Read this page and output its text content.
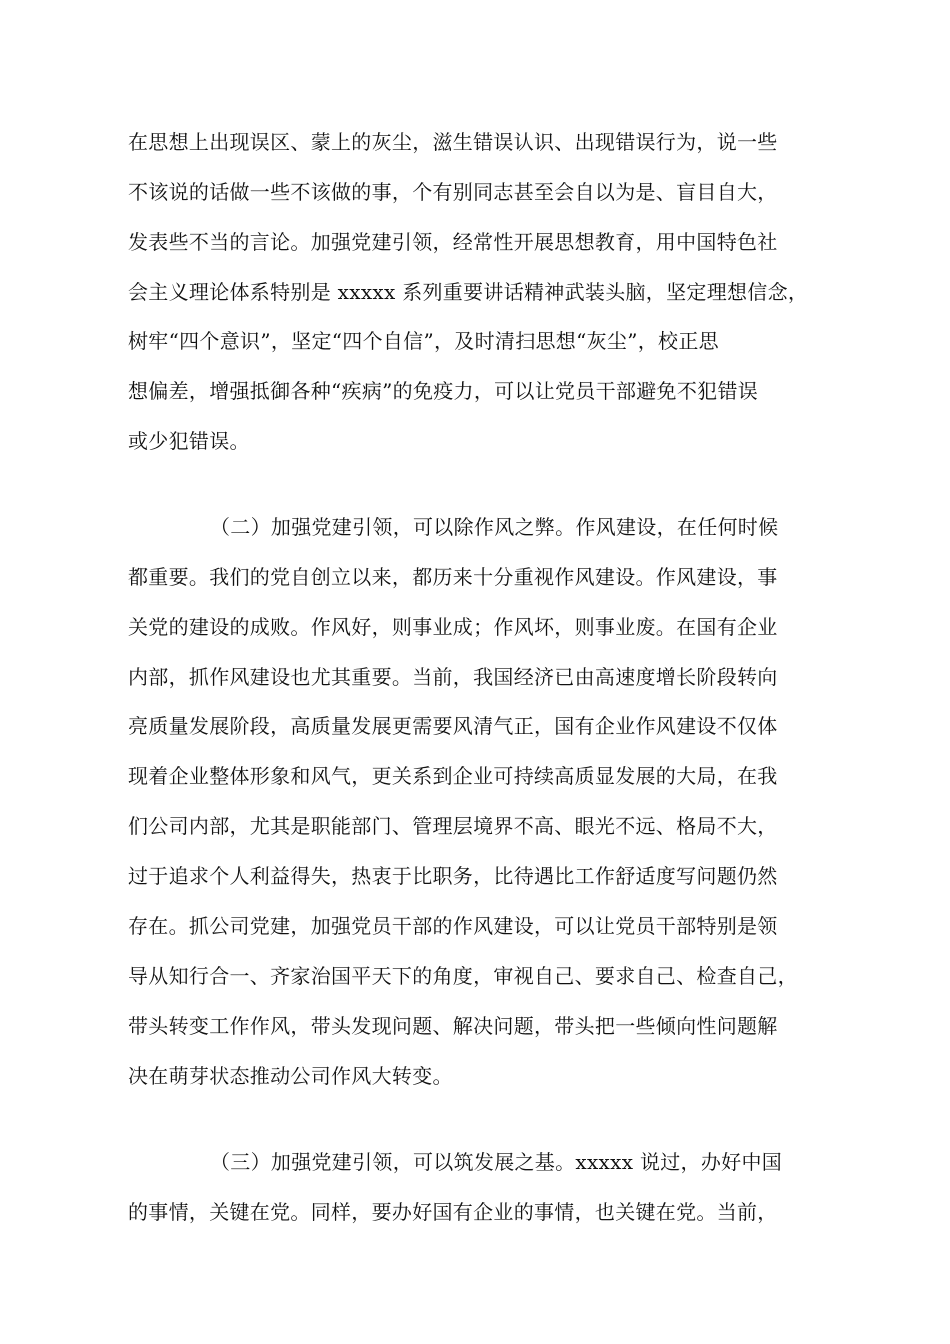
在思想上出现误区、蒙上的灰尘，滋生错误认识、出现错误行为，说一些
不该说的话做一些不该做的事，个有别同志甚至会自以为是、盲目自大，
发表些不当的言论。加强党建引领，经常性开展思想教育，用中国特色社
会主义理论体系特别是 xxxxx 系列重要讲话精神武装头脑，坚定理想信念，
树牢“四个意识”，坚定“四个自信”，及时清扫思想“灰尘”，校正思
想偏差，增强抵御各种“疾病”的免疫力，可以让党员干部避免不犯错误
或少犯错误。
（二）加强党建引领，可以除作风之弊。作风建设，在任何时候
都重要。我们的党自创立以来，都历来十分重视作风建设。作风建设，事
关党的建设的成败。作风好，则事业成；作风坏，则事业废。在国有企业
内部，抓作风建设也尤其重要。当前，我国经济已由高速度增长阶段转向
亮质量发展阶段，高质量发展更需要风清气正，国有企业作风建设不仅体
现着企业整体形象和风气，更关系到企业可持续高质显发展的大局，在我
们公司内部，尤其是职能部门、管理层境界不高、眼光不远、格局不大，
过于追求个人利益得失，热衷于比职务，比待遇比工作舒适度写问题仍然
存在。抓公司党建，加强党员干部的作风建设，可以让党员干部特别是领
导从知行合一、齐家治国平天下的角度，审视自己、要求自己、检查自己，
带头转变工作作风，带头发现问题、解决问题，带头把一些倾向性问题解
决在萌芽状态推动公司作风大转变。
（三）加强党建引领，可以筑发展之基。xxxxx 说过，办好中国
的事情，关键在党。同样，要办好国有企业的事情，也关键在党。当前，
